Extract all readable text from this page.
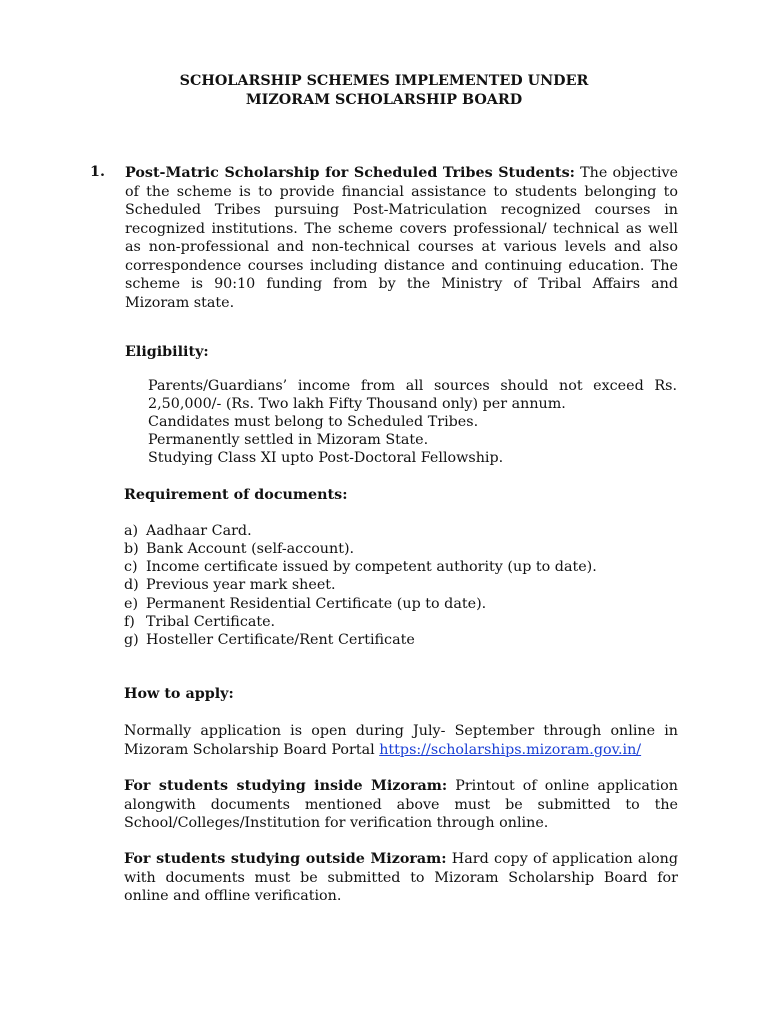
SCHOLARSHIP SCHEMES IMPLEMENTED UNDER
MIZORAM SCHOLARSHIP BOARD
1. Post-Matric Scholarship for Scheduled Tribes Students: The objective
of the scheme is to provide financial assistance to students belonging to
Scheduled Tribes pursuing Post-Matriculation recognized courses in
recognized institutions. The scheme covers professional/ technical as well
as non-professional and non-technical courses at various levels and also
correspondence courses including distance and continuing education. The
scheme is 90:10 funding from by the Ministry of Tribal Affairs and
Mizoram state.
Eligibility:
Parents/Guardians’ income from all sources should not exceed Rs.
2,50,000/- (Rs. Two lakh Fifty Thousand only) per annum.
Candidates must belong to Scheduled Tribes.
Permanently settled in Mizoram State.
Studying Class XI upto Post-Doctoral Fellowship.
Requirement of documents:
a) Aadhaar Card.
b) Bank Account (self-account).
c) Income certificate issued by competent authority (up to date).
d) Previous year mark sheet.
e) Permanent Residential Certificate (up to date).
f) Tribal Certificate.
g) Hosteller Certificate/Rent Certificate
How to apply:
Normally application is open during July- September through online in
Mizoram Scholarship Board Portal https://scholarships.mizoram.gov.in/
For students studying inside Mizoram: Printout of online application
alongwith documents mentioned above must be submitted to the
School/Colleges/Institution for verification through online.
For students studying outside Mizoram: Hard copy of application along
with documents must be submitted to Mizoram Scholarship Board for
online and offline verification.
